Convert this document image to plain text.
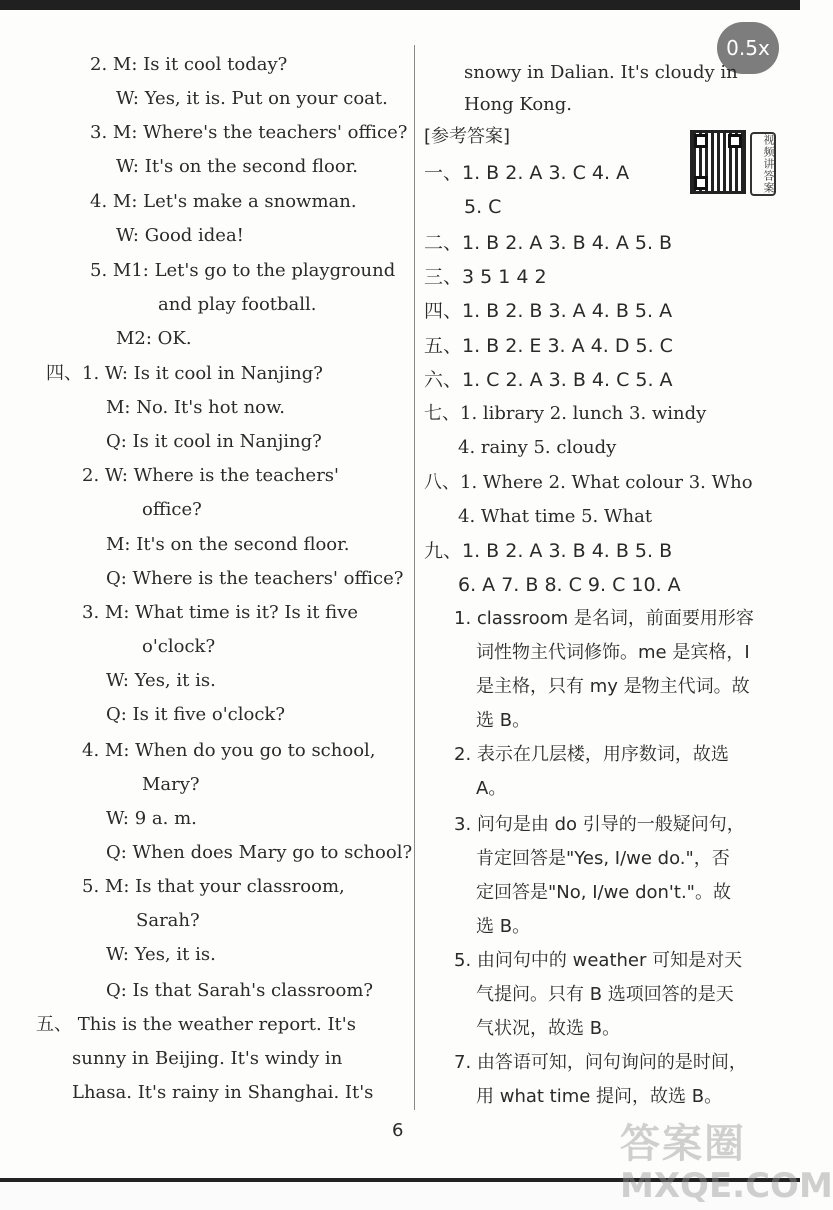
0.5x
2. M: Is it cool today?
W: Yes, it is. Put on your coat.
3. M: Where's the teachers' office?
W: It's on the second floor.
4. M: Let's make a snowman.
W: Good idea!
5. M1: Let's go to the playground
and play football.
M2: OK.
四、1. W: Is it cool in Nanjing?
M: No. It's hot now.
Q: Is it cool in Nanjing?
2. W: Where is the teachers'
office?
M: It's on the second floor.
Q: Where is the teachers' office?
3. M: What time is it? Is it five
o'clock?
W: Yes, it is.
Q: Is it five o'clock?
4. M: When do you go to school,
Mary?
W: 9 a. m.
Q: When does Mary go to school?
5. M: Is that your classroom,
Sarah?
W: Yes, it is.
Q: Is that Sarah's classroom?
五、 This is the weather report. It's
sunny in Beijing. It's windy in
Lhasa. It's rainy in Shanghai. It's
snowy in Dalian. It's cloudy in
Hong Kong.
[参考答案]
一、1. B 2. A 3. C 4. A
5. C
二、1. B 2. A 3. B 4. A 5. B
三、3 5 1 4 2
四、1. B 2. B 3. A 4. B 5. A
五、1. B 2. E 3. A 4. D 5. C
六、1. C 2. A 3. B 4. C 5. A
七、1. library 2. lunch 3. windy
4. rainy 5. cloudy
八、1. Where 2. What colour 3. Who
4. What time 5. What
九、1. B 2. A 3. B 4. B 5. B
6. A 7. B 8. C 9. C 10. A
1. classroom 是名词，前面要用形容
词性物主代词修饰。me 是宾格，I
是主格，只有 my 是物主代词。故
选 B。
2. 表示在几层楼，用序数词，故选
A。
3. 问句是由 do 引导的一般疑问句，
肯定回答是"Yes, I/we do."，否
定回答是"No, I/we don't."。故
选 B。
5. 由问句中的 weather 可知是对天
气提问。只有 B 选项回答的是天
气状况，故选 B。
7. 由答语可知，问句询问的是时间，
用 what time 提问，故选 B。
视频讲答案
6	答案圈
MXQE.COM
